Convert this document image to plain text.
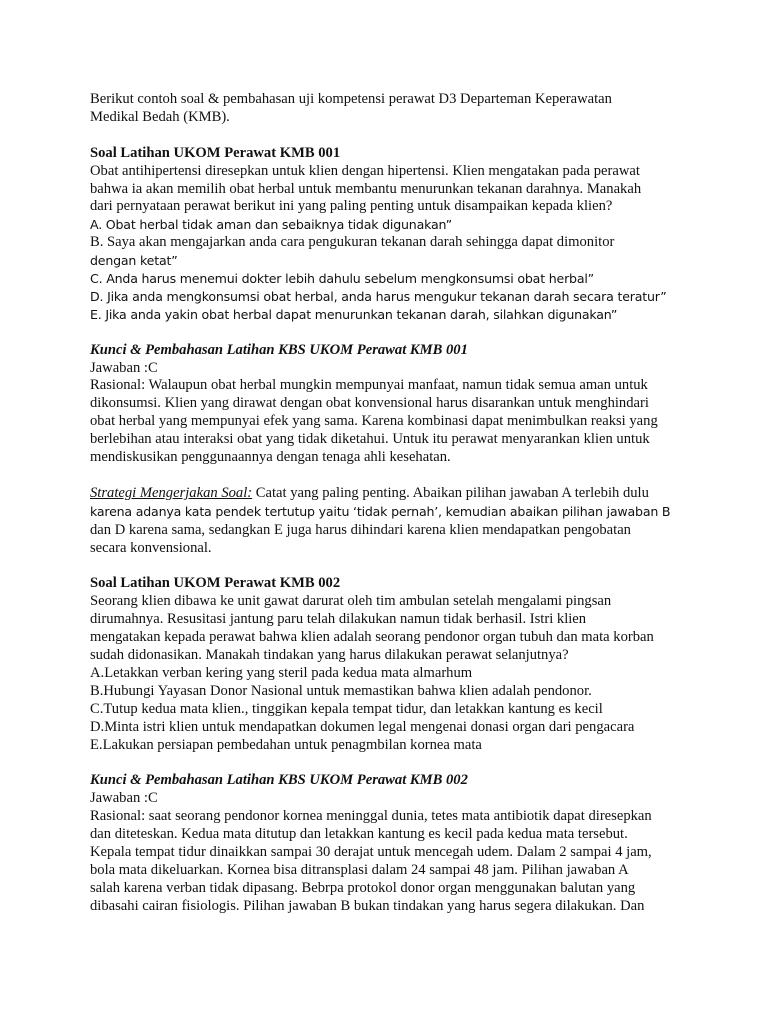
Berikut contoh soal & pembahasan uji kompetensi perawat D3 Departeman Keperawatan

Medikal Bedah (KMB).

Soal Latihan UKOM Perawat KMB 001

Obat antihipertensi diresepkan untuk klien dengan hipertensi. Klien mengatakan pada perawat

bahwa ia akan memilih obat herbal untuk membantu menurunkan tekanan darahnya. Manakah

dari pernyataan perawat berikut ini yang paling penting untuk disampaikan kepada klien?

A. Obat herbal tidak aman dan sebaiknya tidak digunakan”

B. Saya akan mengajarkan anda cara pengukuran tekanan darah sehingga dapat dimonitor

dengan ketat”

C. Anda harus menemui dokter lebih dahulu sebelum mengkonsumsi obat herbal”

D. Jika anda mengkonsumsi obat herbal, anda harus mengukur tekanan darah secara teratur”

E. Jika anda yakin obat herbal dapat menurunkan tekanan darah, silahkan digunakan”

Kunci & Pembahasan Latihan KBS UKOM Perawat KMB 001

Jawaban :C

Rasional: Walaupun obat herbal mungkin mempunyai manfaat, namun tidak semua aman untuk

dikonsumsi. Klien yang dirawat dengan obat konvensional harus disarankan untuk menghindari

obat herbal yang mempunyai efek yang sama. Karena kombinasi dapat menimbulkan reaksi yang

berlebihan atau interaksi obat yang tidak diketahui. Untuk itu perawat menyarankan klien untuk

mendiskusikan penggunaannya dengan tenaga ahli kesehatan.

Strategi Mengerjakan Soal: Catat yang paling penting. Abaikan pilihan jawaban A terlebih dulu

karena adanya kata pendek tertutup yaitu ‘tidak pernah’, kemudian abaikan pilihan jawaban B

dan D karena sama, sedangkan E juga harus dihindari karena klien mendapatkan pengobatan

secara konvensional.

Soal Latihan UKOM Perawat KMB 002

Seorang klien dibawa ke unit gawat darurat oleh tim ambulan setelah mengalami pingsan

dirumahnya. Resusitasi jantung paru telah dilakukan namun tidak berhasil. Istri klien

mengatakan kepada perawat bahwa klien adalah seorang pendonor organ tubuh dan mata korban

sudah didonasikan. Manakah tindakan yang harus dilakukan perawat selanjutnya?

A.Letakkan verban kering yang steril pada kedua mata almarhum

B.Hubungi Yayasan Donor Nasional untuk memastikan bahwa klien adalah pendonor.

C.Tutup kedua mata klien., tinggikan kepala tempat tidur, dan letakkan kantung es kecil

D.Minta istri klien untuk mendapatkan dokumen legal mengenai donasi organ dari pengacara

E.Lakukan persiapan pembedahan untuk penagmbilan kornea mata

Kunci & Pembahasan Latihan KBS UKOM Perawat KMB 002

Jawaban :C

Rasional: saat seorang pendonor kornea meninggal dunia, tetes mata antibiotik dapat diresepkan

dan diteteskan. Kedua mata ditutup dan letakkan kantung es kecil pada kedua mata tersebut.

Kepala tempat tidur dinaikkan sampai 30 derajat untuk mencegah udem. Dalam 2 sampai 4 jam,

bola mata dikeluarkan. Kornea bisa ditransplasi dalam 24 sampai 48 jam. Pilihan jawaban A

salah karena verban tidak dipasang. Bebrpa protokol donor organ menggunakan balutan yang

dibasahi cairan fisiologis. Pilihan jawaban B bukan tindakan yang harus segera dilakukan. Dan
